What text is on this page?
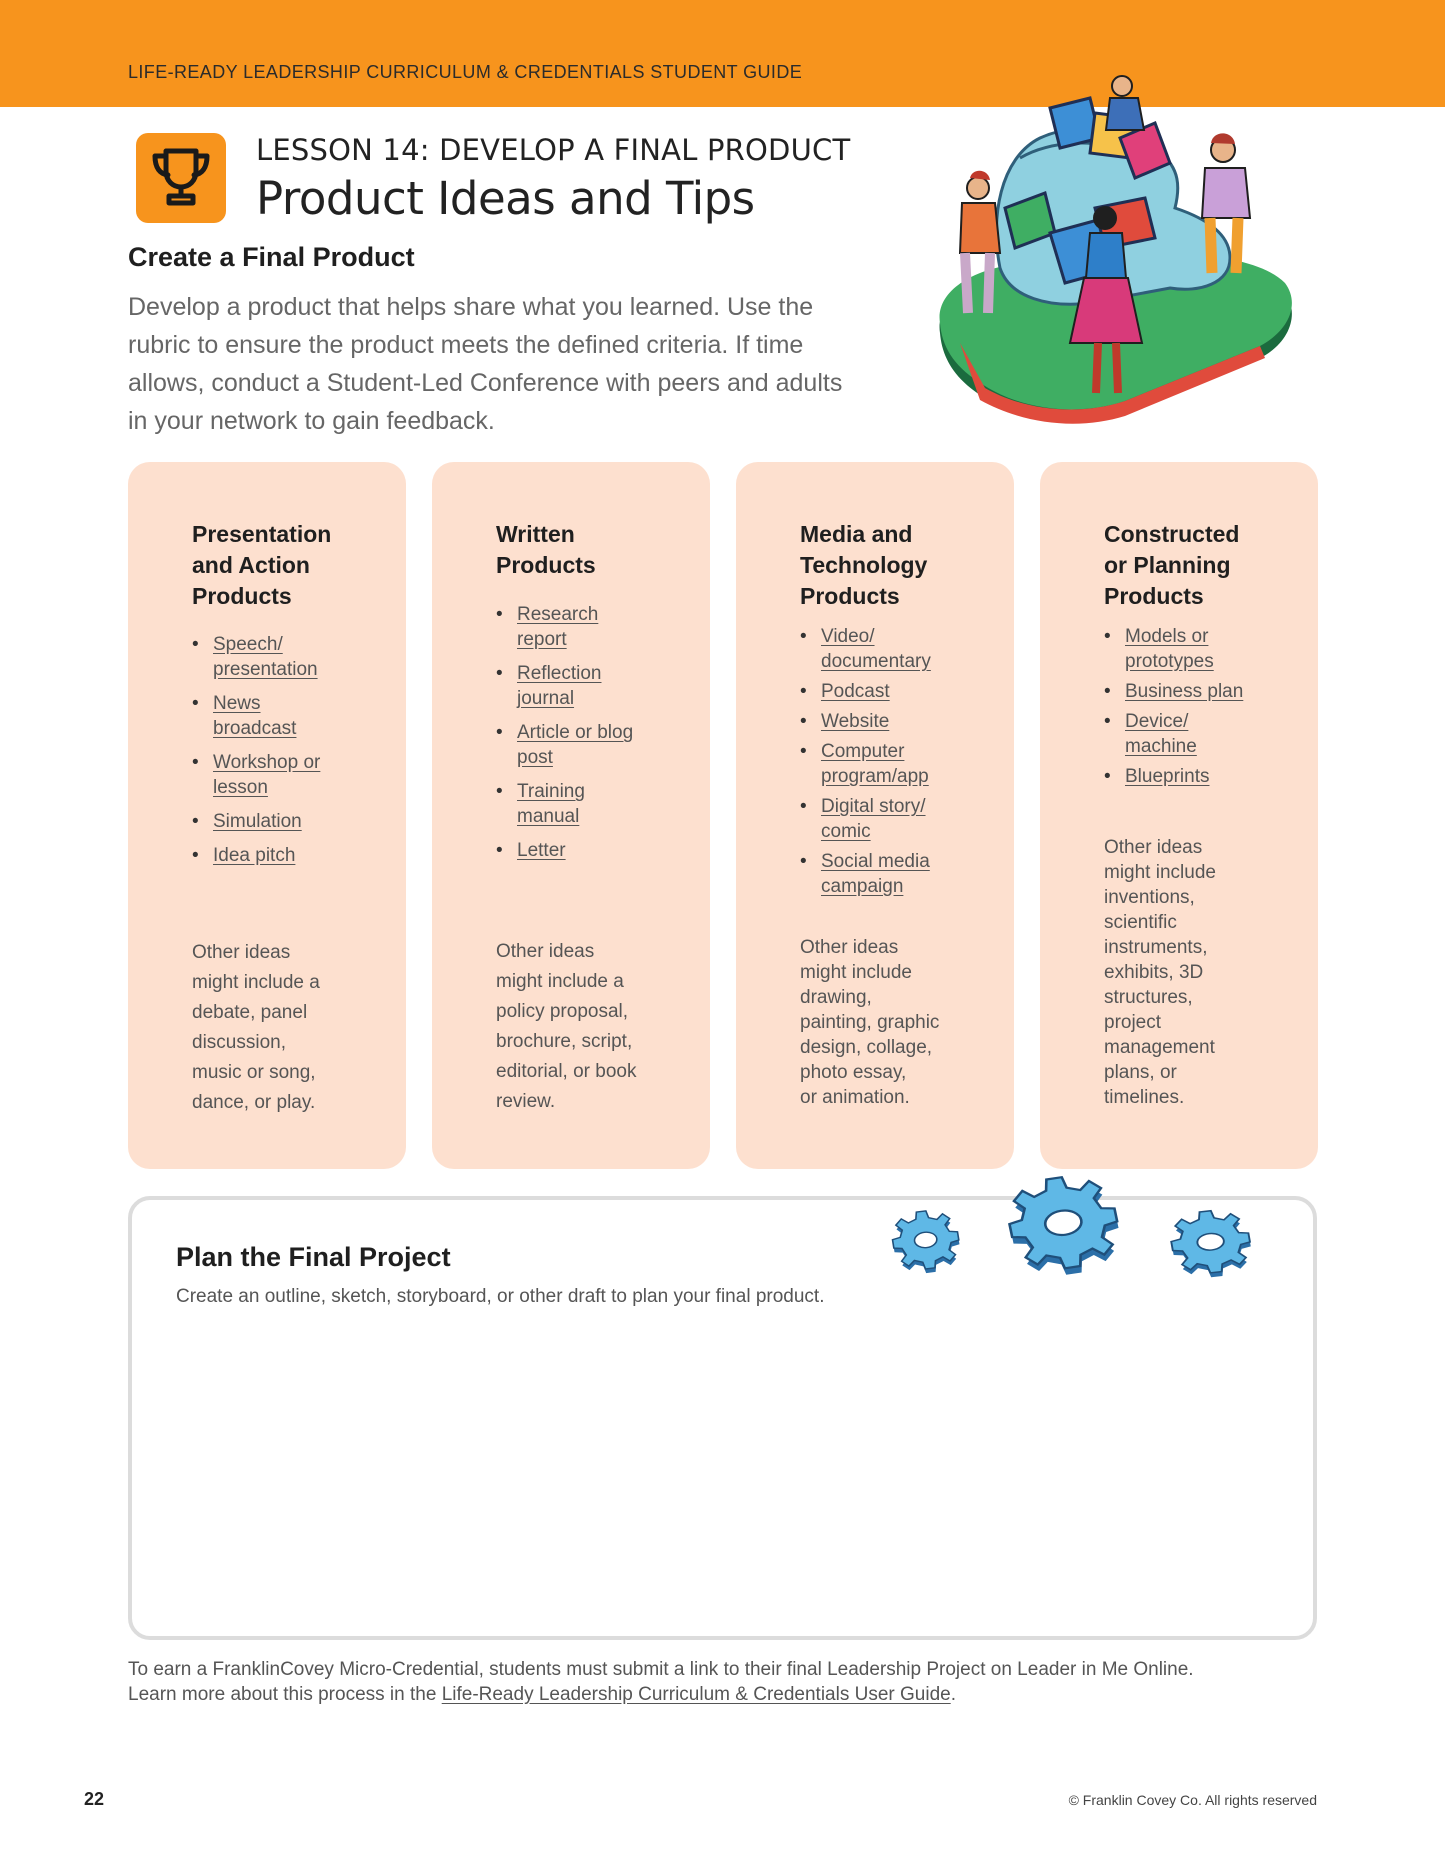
LIFE-READY LEADERSHIP CURRICULUM & CREDENTIALS STUDENT GUIDE
LESSON 14: DEVELOP A FINAL PRODUCT
Product Ideas and Tips
Create a Final Product

Develop a product that helps share what you learned. Use the rubric to ensure the product meets the defined criteria. If time allows, conduct a Student-Led Conference with peers and adults in your network to gain feedback.

Presentation
and Action
Products
• Speech/
presentation
• News
broadcast
• Workshop or
lesson
• Simulation
• Idea pitch
Other ideas
might include a
debate, panel
discussion,
music or song,
dance, or play.
Written
Products
• Research
report
• Reflection
journal
• Article or blog
post
• Training
manual
• Letter
Other ideas
might include a
policy proposal,
brochure, script,
editorial, or book
review.
Media and
Technology
Products
• Video/
documentary
• Podcast
• Website
• Computer
program/app
• Digital story/
comic
• Social media
campaign
Other ideas
might include
drawing,
painting, graphic
design, collage,
photo essay,
or animation.
Constructed
or Planning
Products
• Models or
prototypes
• Business plan
• Device/
machine
• Blueprints
Other ideas
might include
inventions,
scientific
instruments,
exhibits, 3D
structures,
project
management
plans, or
timelines.
Plan the Final Project

Create an outline, sketch, storyboard, or other draft to plan your final product.

To earn a FranklinCovey Micro-Credential, students must submit a link to their final Leadership Project on Leader in Me Online.
Learn more about this process in the Life-Ready Leadership Curriculum & Credentials User Guide.
22	© Franklin Covey Co. All rights reserved
